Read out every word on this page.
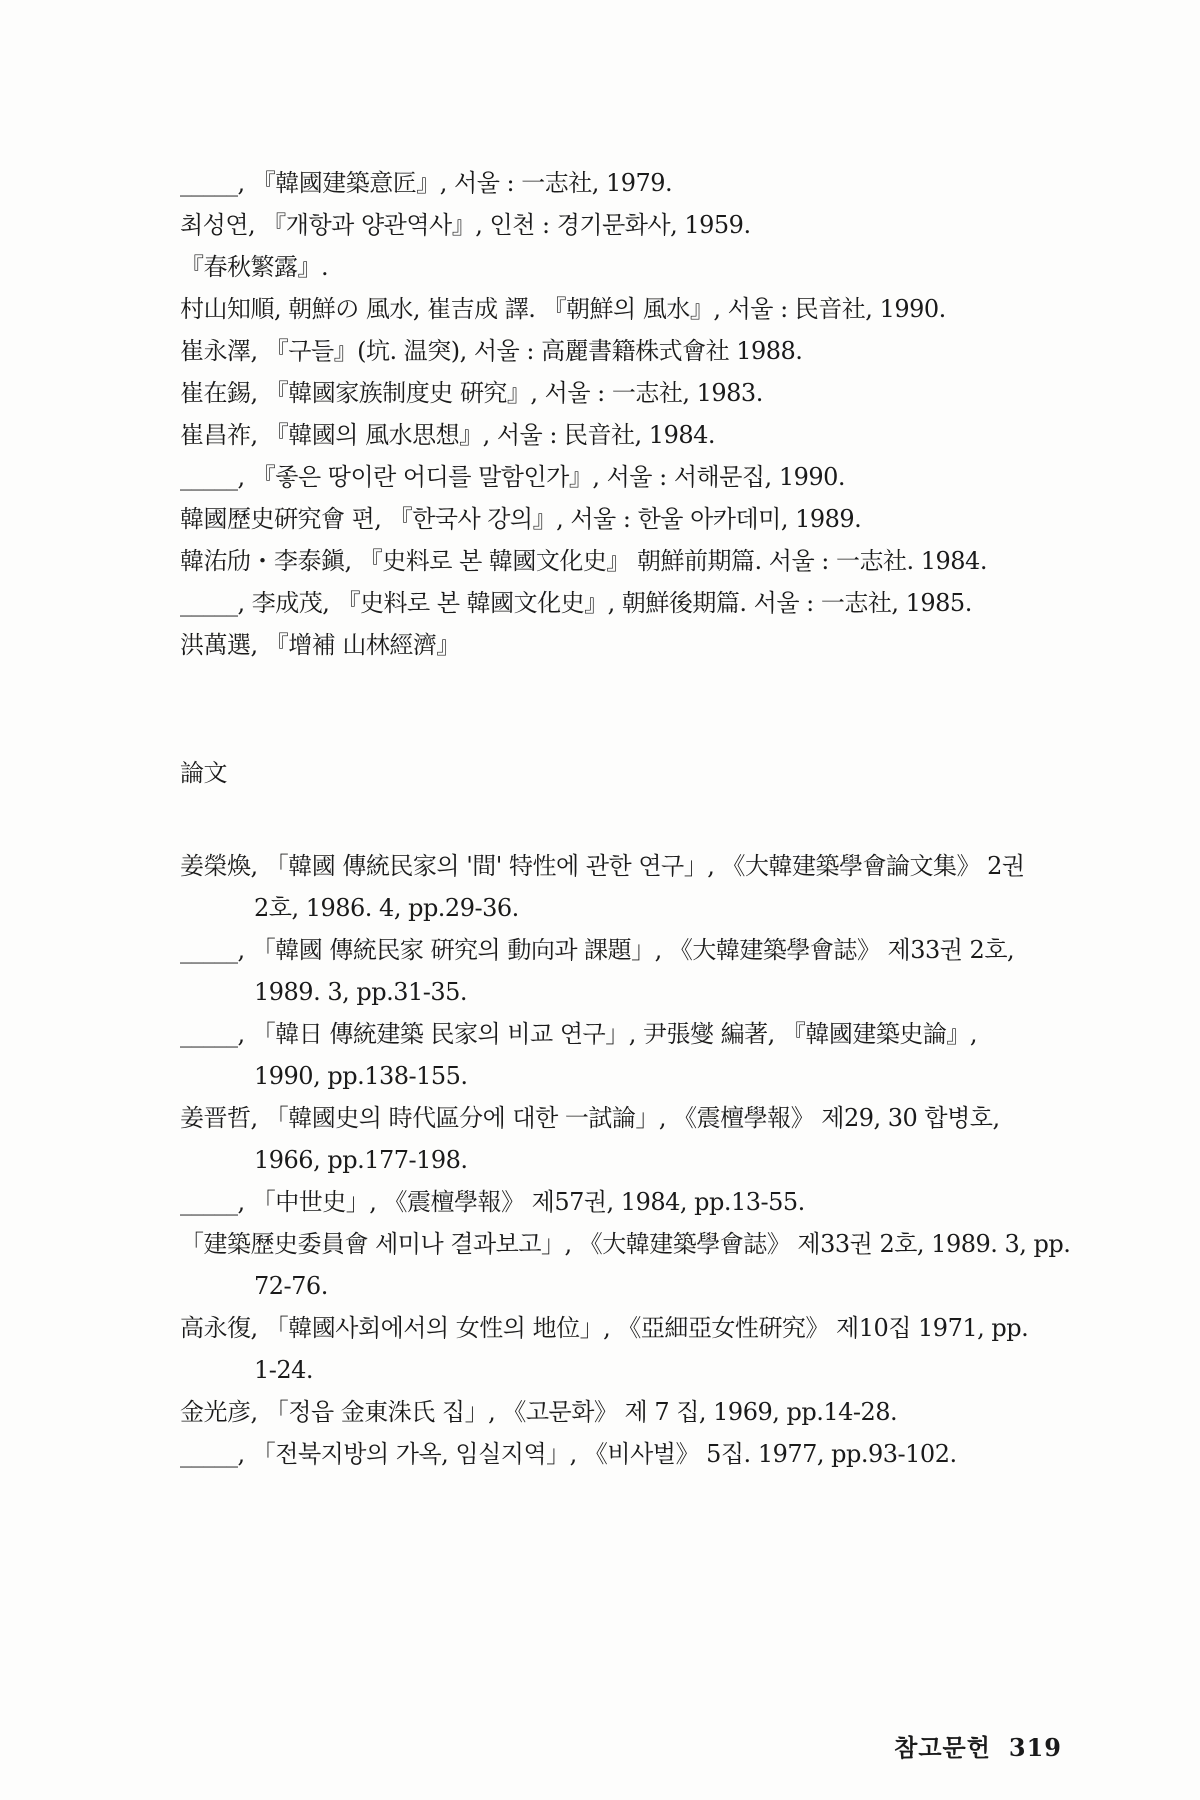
_____, 『韓國建築意匠』, 서울 : 一志社, 1979.
최성연, 『개항과 양관역사』, 인천 : 경기문화사, 1959.
『春秋繁露』.
村山知順, 朝鮮の 風水, 崔吉成 譯. 『朝鮮의 風水』, 서울 : 民音社, 1990.
崔永澤, 『구들』(坑. 温突), 서울 : 高麗書籍株式會社 1988.
崔在錫, 『韓國家族制度史 硏究』, 서울 : 一志社, 1983.
崔昌祚, 『韓國의 風水思想』, 서울 : 民音社, 1984.
_____, 『좋은 땅이란 어디를 말함인가』, 서울 : 서해문집, 1990.
韓國歷史硏究會 편, 『한국사 강의』, 서울 : 한울 아카데미, 1989.
韓㳓劤・李泰鎭, 『史料로 본 韓國文化史』 朝鮮前期篇. 서울 : 一志社. 1984.
_____, 李成茂, 『史料로 본 韓國文化史』, 朝鮮後期篇. 서울 : 一志社, 1985.
洪萬選, 『增補 山林經濟』
論文
姜榮煥, 「韓國 傳統民家의 '間' 特性에 관한 연구」, 《大韓建築學會論文集》 2권
2호, 1986. 4, pp.29-36.
_____, 「韓國 傳統民家 硏究의 動向과 課題」, 《大韓建築學會誌》 제33권 2호,
1989. 3, pp.31-35.
_____, 「韓日 傳統建築 民家의 비교 연구」, 尹張燮 編著, 『韓國建築史論』,
1990, pp.138-155.
姜晋哲, 「韓國史의 時代區分에 대한 一試論」, 《震檀學報》 제29, 30 합병호,
1966, pp.177-198.
_____, 「中世史」, 《震檀學報》 제57권, 1984, pp.13-55.
「建築歷史委員會 세미나 결과보고」, 《大韓建築學會誌》 제33권 2호, 1989. 3, pp.
72-76.
高永復, 「韓國사회에서의 女性의 地位」, 《亞細亞女性硏究》 제10집 1971, pp.
1-24.
金光彦, 「정읍 金東洙氏 집」, 《고문화》 제 7 집, 1969, pp.14-28.
_____, 「전북지방의 가옥, 임실지역」, 《비사벌》 5집. 1977, pp.93-102.
참고문헌 319
